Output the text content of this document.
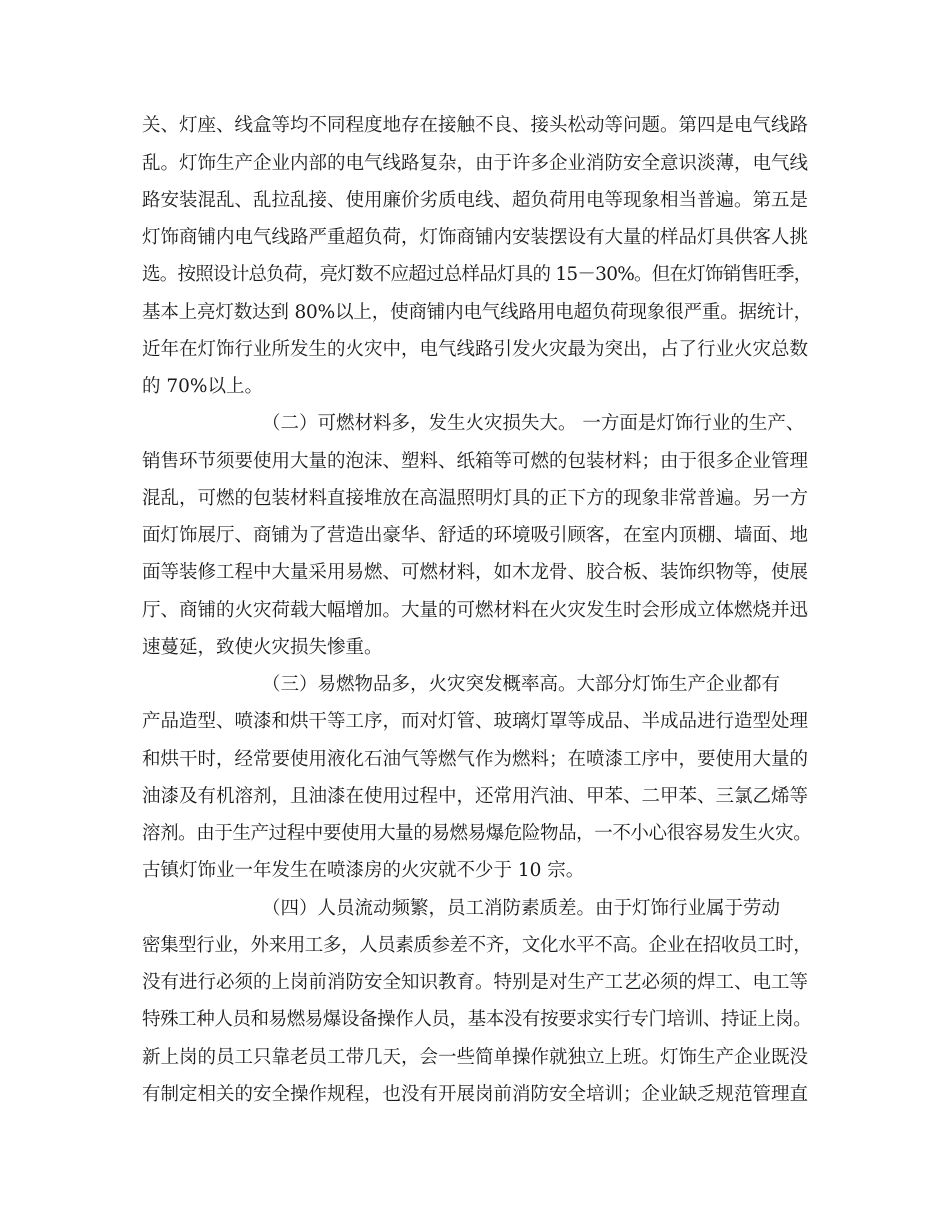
关、灯座、线盒等均不同程度地存在接触不良、接头松动等问题。第四是电气线路
乱。灯饰生产企业内部的电气线路复杂，由于许多企业消防安全意识淡薄，电气线
路安装混乱、乱拉乱接、使用廉价劣质电线、超负荷用电等现象相当普遍。第五是
灯饰商铺内电气线路严重超负荷，灯饰商铺内安装摆设有大量的样品灯具供客人挑
选。按照设计总负荷，亮灯数不应超过总样品灯具的 15－30%。但在灯饰销售旺季，
基本上亮灯数达到 80%以上，使商铺内电气线路用电超负荷现象很严重。据统计，
近年在灯饰行业所发生的火灾中，电气线路引发火灾最为突出，占了行业火灾总数
的 70%以上。
（二）可燃材料多，发生火灾损失大。 一方面是灯饰行业的生产、
销售环节须要使用大量的泡沫、塑料、纸箱等可燃的包装材料；由于很多企业管理
混乱，可燃的包装材料直接堆放在高温照明灯具的正下方的现象非常普遍。另一方
面灯饰展厅、商铺为了营造出豪华、舒适的环境吸引顾客，在室内顶棚、墙面、地
面等装修工程中大量采用易燃、可燃材料，如木龙骨、胶合板、装饰织物等，使展
厅、商铺的火灾荷载大幅增加。大量的可燃材料在火灾发生时会形成立体燃烧并迅
速蔓延，致使火灾损失惨重。
（三）易燃物品多，火灾突发概率高。大部分灯饰生产企业都有
产品造型、喷漆和烘干等工序，而对灯管、玻璃灯罩等成品、半成品进行造型处理
和烘干时，经常要使用液化石油气等燃气作为燃料；在喷漆工序中，要使用大量的
油漆及有机溶剂，且油漆在使用过程中，还常用汽油、甲苯、二甲苯、三氯乙烯等
溶剂。由于生产过程中要使用大量的易燃易爆危险物品，一不小心很容易发生火灾。
古镇灯饰业一年发生在喷漆房的火灾就不少于 10 宗。
（四）人员流动频繁，员工消防素质差。由于灯饰行业属于劳动
密集型行业，外来用工多，人员素质参差不齐，文化水平不高。企业在招收员工时，
没有进行必须的上岗前消防安全知识教育。特别是对生产工艺必须的焊工、电工等
特殊工种人员和易燃易爆设备操作人员，基本没有按要求实行专门培训、持证上岗。
新上岗的员工只靠老员工带几天，会一些简单操作就独立上班。灯饰生产企业既没
有制定相关的安全操作规程，也没有开展岗前消防安全培训；企业缺乏规范管理直
